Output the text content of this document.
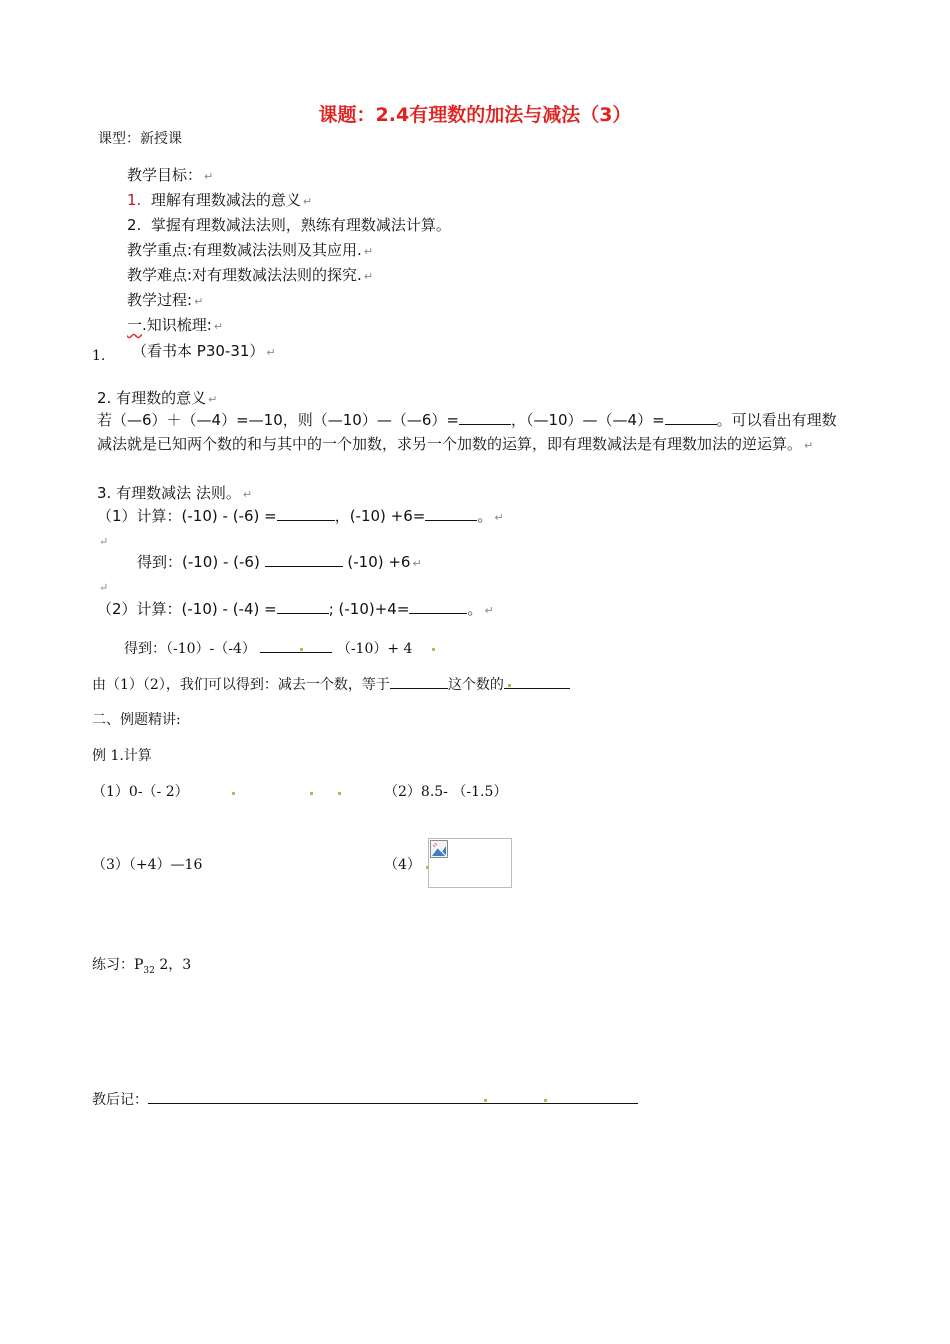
课题：2.4有理数的加法与减法（3）
课型：新授课
教学目标： ↵
1. 理解有理数减法的意义 ↵
2. 掌握有理数减法法则，熟练有理数减法计算。
教学重点:有理数减法法则及其应用. ↵
教学难点:对有理数减法法则的探究. ↵
教学过程: ↵
一.知识梳理: ↵
1. （看书本 P30-31） ↵
2. 有理数的意义 ↵
若（—6）＋（—4）=—10，则（—10）—（—6）=	，（—10）—（—4）=	。可以看出有理数减法就是已知两个数的和与其中的一个加数，求另一个加数的运算，即有理数减法是有理数加法的逆运算。 ↵
3. 有理数减法 法则。 ↵
（1）计算：(-10) - (-6) =	，(-10) +6=	。 ↵
↵
得到：(-10) - (-6)	(-10) +6 ↵
↵
（2）计算：(-10) - (-4) =	; (-10)+4=	。 ↵
得到：（-10）-（-4）	（-10）+ 4
由（1）（2），我们可以得到：减去一个数，等于	这个数的
二、例题精讲:
例 1.计算
（1）0-（- 2）	（2）8.5- （-1.5）
（3）（+4）—16	（4）
练习：$P_{32}$ 2，3
教后记：
